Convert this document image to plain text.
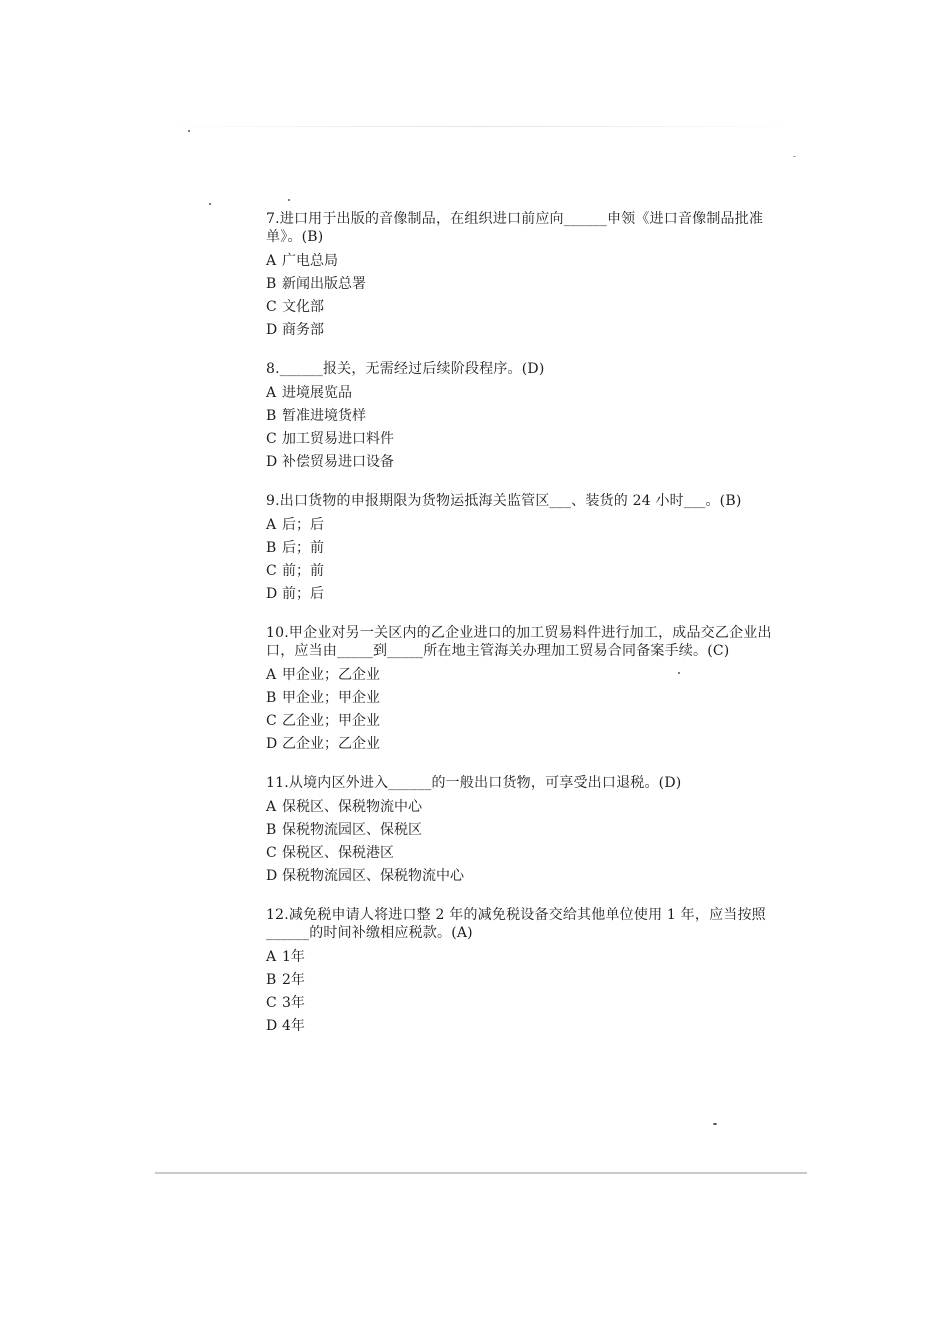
7.进口用于出版的音像制品，在组织进口前应向______申领《进口音像制品批准单》。(B)

A 广电总局

B 新闻出版总署

C 文化部

D 商务部

8.______报关，无需经过后续阶段程序。(D)

A 进境展览品

B 暂准进境货样

C 加工贸易进口料件

D 补偿贸易进口设备

9.出口货物的申报期限为货物运抵海关监管区___、装货的 24 小时___。(B)

A 后；后

B 后；前

C 前；前

D 前；后

10.甲企业对另一关区内的乙企业进口的加工贸易料件进行加工，成品交乙企业出口，应当由_____到_____所在地主管海关办理加工贸易合同备案手续。(C)

A 甲企业；乙企业

B 甲企业；甲企业

C 乙企业；甲企业

D 乙企业；乙企业

11.从境内区外进入______的一般出口货物，可享受出口退税。(D)

A 保税区、保税物流中心

B 保税物流园区、保税区

C 保税区、保税港区

D 保税物流园区、保税物流中心

12.减免税申请人将进口整 2 年的减免税设备交给其他单位使用 1 年，应当按照______的时间补缴相应税款。(A)

A 1年

B 2年

C 3年

D 4年
